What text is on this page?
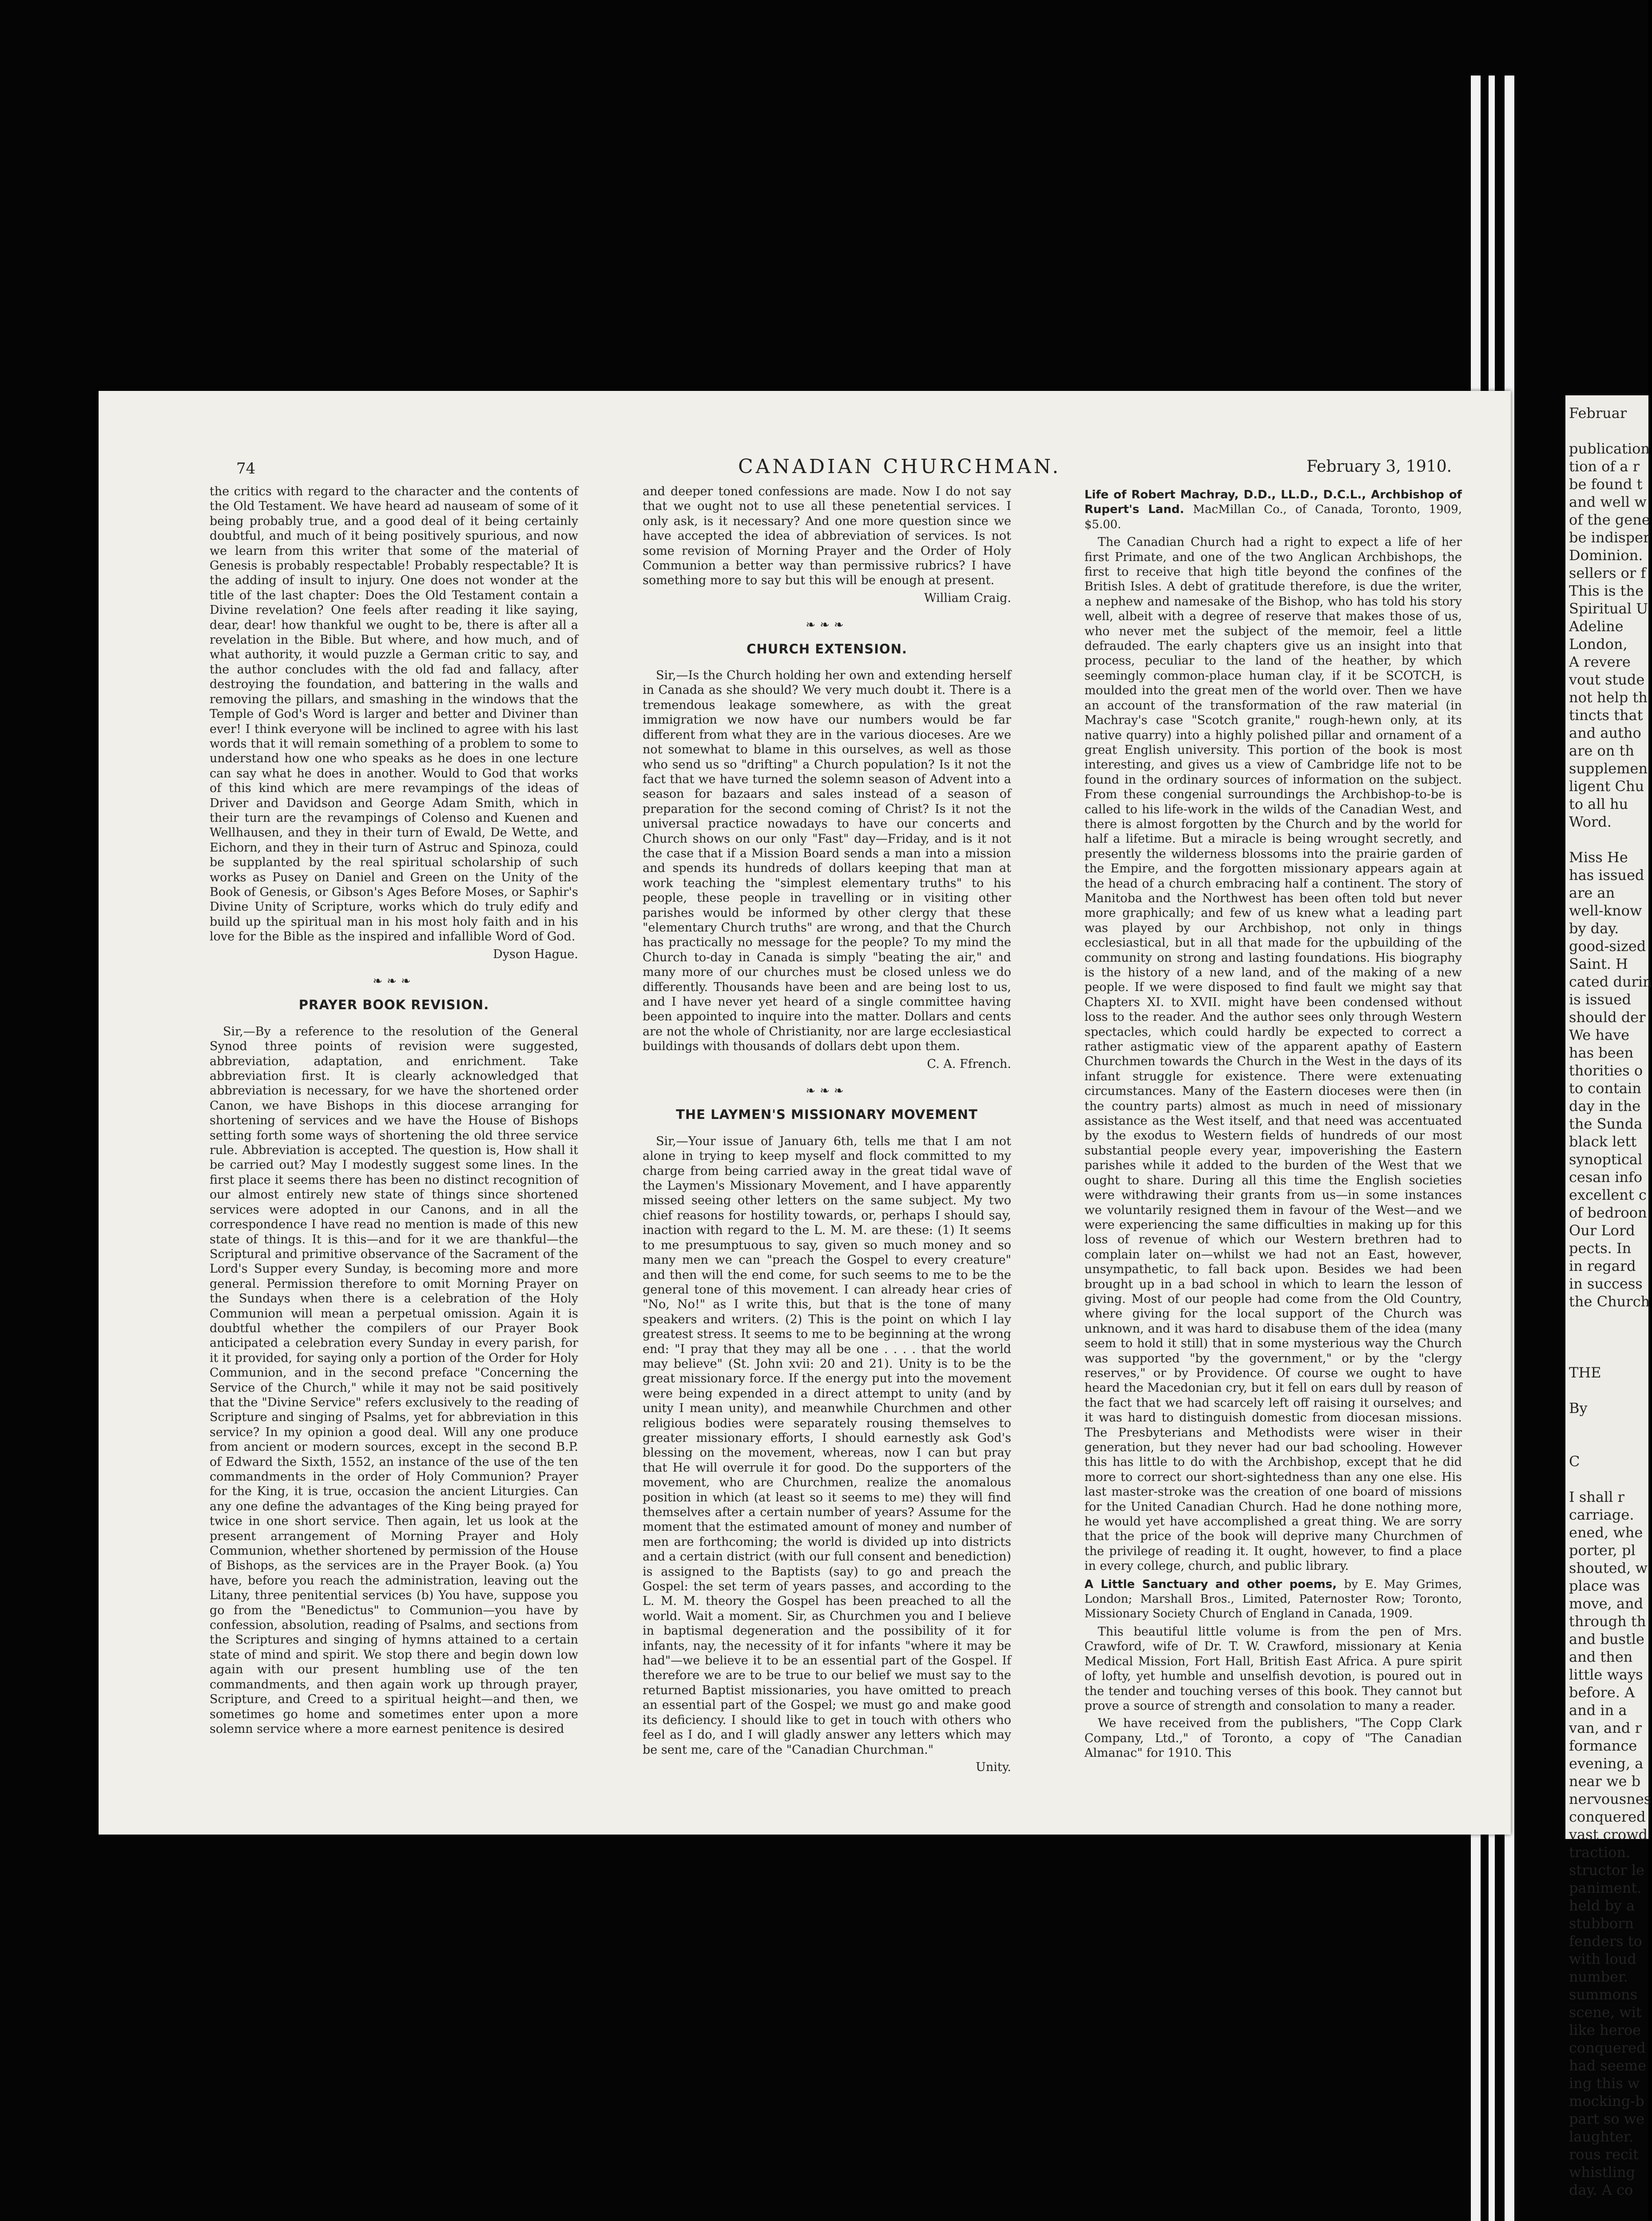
74	CANADIAN CHURCHMAN.	February 3, 1910.

the critics with regard to the character and the contents of the Old Testament. We have heard ad nauseam of some of it being probably true, and a good deal of it being certainly doubtful, and much of it being positively spurious, and now we learn from this writer that some of the material of Genesis is probably respectable! Probably respectable? It is the adding of insult to injury. One does not wonder at the title of the last chapter: Does the Old Testament contain a Divine revelation? One feels after reading it like saying, dear, dear! how thankful we ought to be, there is after all a revelation in the Bible. But where, and how much, and of what authority, it would puzzle a German critic to say, and the author concludes with the old fad and fallacy, after destroying the foundation, and battering in the walls and removing the pillars, and smashing in the windows that the Temple of God's Word is larger and better and Diviner than ever! I think everyone will be inclined to agree with his last words that it will remain something of a problem to some to understand how one who speaks as he does in one lecture can say what he does in another. Would to God that works of this kind which are mere revampings of the ideas of Driver and Davidson and George Adam Smith, which in their turn are the revampings of Colenso and Kuenen and Wellhausen, and they in their turn of Ewald, De Wette, and Eichorn, and they in their turn of Astruc and Spinoza, could be supplanted by the real spiritual scholarship of such works as Pusey on Daniel and Green on the Unity of the Book of Genesis, or Gibson's Ages Before Moses, or Saphir's Divine Unity of Scripture, works which do truly edify and build up the spiritual man in his most holy faith and in his love for the Bible as the inspired and infallible Word of God.

Dyson Hague.
❧❧❧
PRAYER BOOK REVISION.

Sir,—By a reference to the resolution of the General Synod three points of revision were suggested, abbreviation, adaptation, and enrichment. Take abbreviation first. It is clearly acknowledged that abbreviation is necessary, for we have the shortened order Canon, we have Bishops in this diocese arranging for shortening of services and we have the House of Bishops setting forth some ways of shortening the old three service rule. Abbreviation is accepted. The question is, How shall it be carried out? May I modestly suggest some lines. In the first place it seems there has been no distinct recognition of our almost entirely new state of things since shortened services were adopted in our Canons, and in all the correspondence I have read no mention is made of this new state of things. It is this—and for it we are thankful—the Scriptural and primitive observance of the Sacrament of the Lord's Supper every Sunday, is becoming more and more general. Permission therefore to omit Morning Prayer on the Sundays when there is a celebration of the Holy Communion will mean a perpetual omission. Again it is doubtful whether the compilers of our Prayer Book anticipated a celebration every Sunday in every parish, for it it provided, for saying only a portion of the Order for Holy Communion, and in the second preface "Concerning the Service of the Church," while it may not be said positively that the "Divine Service" refers exclusively to the reading of Scripture and singing of Psalms, yet for abbreviation in this service? In my opinion a good deal. Will any one produce from ancient or modern sources, except in the second B.P. of Edward the Sixth, 1552, an instance of the use of the ten commandments in the order of Holy Communion? Prayer for the King, it is true, occasion the ancient Liturgies. Can any one define the advantages of the King being prayed for twice in one short service. Then again, let us look at the present arrangement of Morning Prayer and Holy Communion, whether shortened by permission of the House of Bishops, as the services are in the Prayer Book. (a) You have, before you reach the administration, leaving out the Litany, three penitential services (b) You have, suppose you go from the "Benedictus" to Communion—you have by confession, absolution, reading of Psalms, and sections from the Scriptures and singing of hymns attained to a certain state of mind and spirit. We stop there and begin down low again with our present humbling use of the ten commandments, and then again work up through prayer, Scripture, and Creed to a spiritual height—and then, we sometimes go home and sometimes enter upon a more solemn service where a more earnest penitence is desired

and deeper toned confessions are made. Now I do not say that we ought not to use all these penetential services. I only ask, is it necessary? And one more question since we have accepted the idea of abbreviation of services. Is not some revision of Morning Prayer and the Order of Holy Communion a better way than permissive rubrics? I have something more to say but this will be enough at present.

William Craig.
❧❧❧
CHURCH EXTENSION.

Sir,—Is the Church holding her own and extending herself in Canada as she should? We very much doubt it. There is a tremendous leakage somewhere, as with the great immigration we now have our numbers would be far different from what they are in the various dioceses. Are we not somewhat to blame in this ourselves, as well as those who send us so "drifting" a Church population? Is it not the fact that we have turned the solemn season of Advent into a season for bazaars and sales instead of a season of preparation for the second coming of Christ? Is it not the universal practice nowadays to have our concerts and Church shows on our only "Fast" day—Friday, and is it not the case that if a Mission Board sends a man into a mission and spends its hundreds of dollars keeping that man at work teaching the "simplest elementary truths" to his people, these people in travelling or in visiting other parishes would be informed by other clergy that these "elementary Church truths" are wrong, and that the Church has practically no message for the people? To my mind the Church to-day in Canada is simply "beating the air," and many more of our churches must be closed unless we do differently. Thousands have been and are being lost to us, and I have never yet heard of a single committee having been appointed to inquire into the matter. Dollars and cents are not the whole of Christianity, nor are large ecclesiastical buildings with thousands of dollars debt upon them.

C. A. Ffrench.
❧❧❧
THE LAYMEN'S MISSIONARY MOVEMENT

Sir,—Your issue of January 6th, tells me that I am not alone in trying to keep myself and flock committed to my charge from being carried away in the great tidal wave of the Laymen's Missionary Movement, and I have apparently missed seeing other letters on the same subject. My two chief reasons for hostility towards, or, perhaps I should say, inaction with regard to the L. M. M. are these: (1) It seems to me presumptuous to say, given so much money and so many men we can "preach the Gospel to every creature" and then will the end come, for such seems to me to be the general tone of this movement. I can already hear cries of "No, No!" as I write this, but that is the tone of many speakers and writers. (2) This is the point on which I lay greatest stress. It seems to me to be beginning at the wrong end: "I pray that they may all be one . . . . that the world may believe" (St. John xvii: 20 and 21). Unity is to be the great missionary force. If the energy put into the movement were being expended in a direct attempt to unity (and by unity I mean unity), and meanwhile Churchmen and other religious bodies were separately rousing themselves to greater missionary efforts, I should earnestly ask God's blessing on the movement, whereas, now I can but pray that He will overrule it for good. Do the supporters of the movement, who are Churchmen, realize the anomalous position in which (at least so it seems to me) they will find themselves after a certain number of years? Assume for the moment that the estimated amount of money and number of men are forthcoming; the world is divided up into districts and a certain district (with our full consent and benediction) is assigned to the Baptists (say) to go and preach the Gospel: the set term of years passes, and according to the L. M. M. theory the Gospel has been preached to all the world. Wait a moment. Sir, as Churchmen you and I believe in baptismal degeneration and the possibility of it for infants, nay, the necessity of it for infants "where it may be had"—we believe it to be an essential part of the Gospel. If therefore we are to be true to our belief we must say to the returned Baptist missionaries, you have omitted to preach an essential part of the Gospel; we must go and make good its deficiency. I should like to get in touch with others who feel as I do, and I will gladly answer any letters which may be sent me, care of the "Canadian Churchman."

Unity.

Life of Robert Machray, D.D., LL.D., D.C.L., Archbishop of Rupert's Land. MacMillan Co., of Canada, Toronto, 1909, $5.00.

The Canadian Church had a right to expect a life of her first Primate, and one of the two Anglican Archbishops, the first to receive that high title beyond the confines of the British Isles. A debt of gratitude therefore, is due the writer, a nephew and namesake of the Bishop, who has told his story well, albeit with a degree of reserve that makes those of us, who never met the subject of the memoir, feel a little defrauded. The early chapters give us an insight into that process, peculiar to the land of the heather, by which seemingly common-place human clay, if it be SCOTCH, is moulded into the great men of the world over. Then we have an account of the transformation of the raw material (in Machray's case "Scotch granite," rough-hewn only, at its native quarry) into a highly polished pillar and ornament of a great English university. This portion of the book is most interesting, and gives us a view of Cambridge life not to be found in the ordinary sources of information on the subject. From these congenial surroundings the Archbishop-to-be is called to his life-work in the wilds of the Canadian West, and there is almost forgotten by the Church and by the world for half a lifetime. But a miracle is being wrought secretly, and presently the wilderness blossoms into the prairie garden of the Empire, and the forgotten missionary appears again at the head of a church embracing half a continent. The story of Manitoba and the Northwest has been often told but never more graphically; and few of us knew what a leading part was played by our Archbishop, not only in things ecclesiastical, but in all that made for the upbuilding of the community on strong and lasting foundations. His biography is the history of a new land, and of the making of a new people. If we were disposed to find fault we might say that Chapters XI. to XVII. might have been condensed without loss to the reader. And the author sees only through Western spectacles, which could hardly be expected to correct a rather astigmatic view of the apparent apathy of Eastern Churchmen towards the Church in the West in the days of its infant struggle for existence. There were extenuating circumstances. Many of the Eastern dioceses were then (in the country parts) almost as much in need of missionary assistance as the West itself, and that need was accentuated by the exodus to Western fields of hundreds of our most substantial people every year, impoverishing the Eastern parishes while it added to the burden of the West that we ought to share. During all this time the English societies were withdrawing their grants from us—in some instances we voluntarily resigned them in favour of the West—and we were experiencing the same difficulties in making up for this loss of revenue of which our Western brethren had to complain later on—whilst we had not an East, however, unsympathetic, to fall back upon. Besides we had been brought up in a bad school in which to learn the lesson of giving. Most of our people had come from the Old Country, where giving for the local support of the Church was unknown, and it was hard to disabuse them of the idea (many seem to hold it still) that in some mysterious way the Church was supported "by the government," or by the "clergy reserves," or by Providence. Of course we ought to have heard the Macedonian cry, but it fell on ears dull by reason of the fact that we had scarcely left off raising it ourselves; and it was hard to distinguish domestic from diocesan missions. The Presbyterians and Methodists were wiser in their generation, but they never had our bad schooling. However this has little to do with the Archbishop, except that he did more to correct our short-sightedness than any one else. His last master-stroke was the creation of one board of missions for the United Canadian Church. Had he done nothing more, he would yet have accomplished a great thing. We are sorry that the price of the book will deprive many Churchmen of the privilege of reading it. It ought, however, to find a place in every college, church, and public library.

A Little Sanctuary and other poems, by E. May Grimes, London; Marshall Bros., Limited, Paternoster Row; Toronto, Missionary Society Church of England in Canada, 1909.

This beautiful little volume is from the pen of Mrs. Crawford, wife of Dr. T. W. Crawford, missionary at Kenia Medical Mission, Fort Hall, British East Africa. A pure spirit of lofty, yet humble and unselfish devotion, is poured out in the tender and touching verses of this book. They cannot but prove a source of strength and consolation to many a reader.

We have received from the publishers, "The Copp Clark Company, Ltd.," of Toronto, a copy of "The Canadian Almanac" for 1910. This

Februar

publication
tion of a r
be found t
and well w
of the gene
be indisper
Dominion.
sellers or f
This is the
Spiritual U
Adeline
London,
A revere
vout stude
not help th
tincts that
and autho
are on th
supplemen
ligent Chu
to all hu
Word.

Miss He
has issued
are an
well-know
by day.
good-sized
Saint. H
cated durin
is issued
should der
We have
has been
thorities o
to contain
day in the
the Sunda
black lett
synoptical
cesan info
excellent c
of bedroon
Our Lord
pects. In
in regard
in success
the Church

THE

By

C

I shall r
carriage.
ened, whe
porter, pl
shouted, w
place was
move, and
through th
and bustle
and then
little ways
before. A
and in a
van, and r
formance
evening, a
near we b
nervousnes
conquered
vast crowd
traction.
structor le
paniment.
held by a
stubborn
fenders to
with loud
number.
summons
scene, wit
like heroe
conquered
had seeme
ing this w
mocking-b
part so we
laughter.
rous recit
whistling
day. A co
